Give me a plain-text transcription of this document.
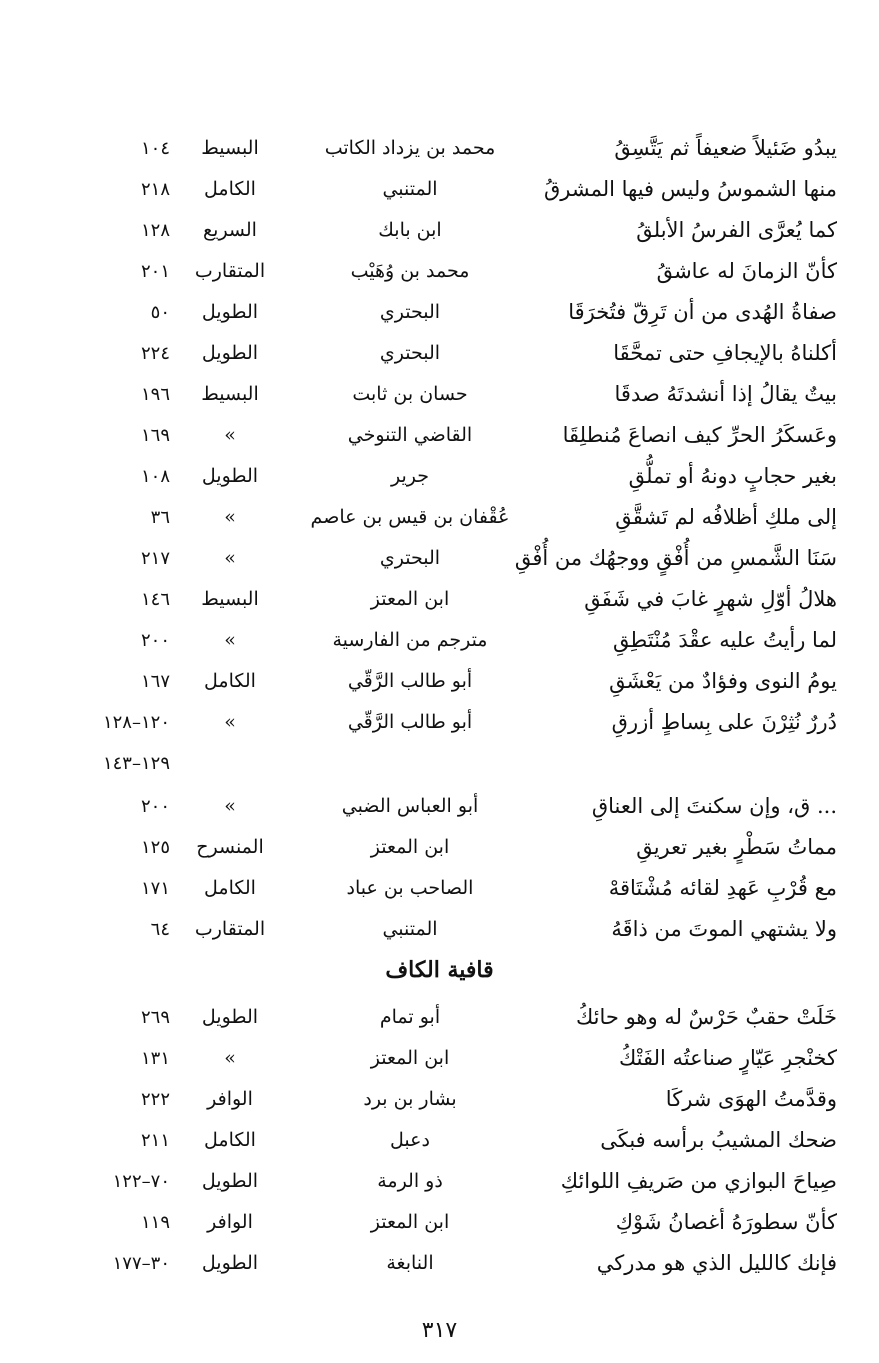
يبدُو ضَئيلاً ضعيفاً ثم يَتَّسِقُ
محمد بن يزداد الكاتب
البسيط
١٠٤
منها الشموسُ وليس فيها المشرقُ
المتنبي
الكامل
٢١٨
كما يُعرَّى الفرسُ الأبلقُ
ابن بابك
السريع
١٢٨
كأنّ الزمانَ له عاشقُ
محمد بن وُهَيْب
المتقارب
٢٠١
صفاةُ الهُدى من أن تَرِقّ فتُخرَقَا
البحتري
الطويل
٥٠
أكلناهُ بالإيجافِ حتى تمحَّقَا
البحتري
الطويل
٢٢٤
بيتٌ يقالُ إذا أنشدتَهُ صدقَا
حسان بن ثابت
البسيط
١٩٦
وعَسكَرُ الحرِّ كيف انصاعَ مُنطلِقَا
القاضي التنوخي
»
١٦٩
بغير حجابٍ دونهُ أو تملُّقِ
جرير
الطويل
١٠٨
إلى ملكِ أظلافُه لم تَشقَّقِ
عُقْفان بن قيس بن عاصم
»
٣٦
سَنَا الشَّمسِ من أُفْقٍ ووجهُك من أُفْقِ
البحتري
»
٢١٧
هلالُ أوّلِ شهرٍ غابَ في شَفَقِ
ابن المعتز
البسيط
١٤٦
لما رأيتُ عليه عقْدَ مُنْتَطِقِ
مترجم من الفارسية
»
٢٠٠
يومُ النوى وفؤادٌ من يَعْشَقِ
أبو طالب الرَّقّي
الكامل
١٦٧
دُررٌ نُثِرْنَ على بِساطٍ أزرقِ
أبو طالب الرَّقّي
»
١٢٠–١٢٨
١٢٩–١٤٣
... ق، وإن سكنتَ إلى العناقِ
أبو العباس الضبي
»
٢٠٠
مماتُ سَطْرٍ بغير تعريقِ
ابن المعتز
المنسرح
١٢٥
مع قُرْبِ عَهدِ لقائه مُشْتَاقهْ
الصاحب بن عباد
الكامل
١٧١
ولا يشتهي الموتَ من ذاقَهُ
المتنبي
المتقارب
٦٤
قافية الكاف
خَلَتْ حقبٌ حَرْسٌ له وهو حائكُ
أبو تمام
الطويل
٢٦٩
كخنْجرِ عَيّارٍ صناعتُه الفَتْكُ
ابن المعتز
»
١٣١
وقدَّمتُ الهوَى شركَا
بشار بن برد
الوافر
٢٢٢
ضحك المشيبُ برأسه فبكَى
دعبل
الكامل
٢١١
صِياحَ البوازي من صَريفِ اللوائكِ
ذو الرمة
الطويل
٧٠–١٢٢
كأنّ سطورَهُ أغصانُ شَوْكِ
ابن المعتز
الوافر
١١٩
فإنك كالليل الذي هو مدركي
النابغة
الطويل
٣٠–١٧٧
٣١٧
